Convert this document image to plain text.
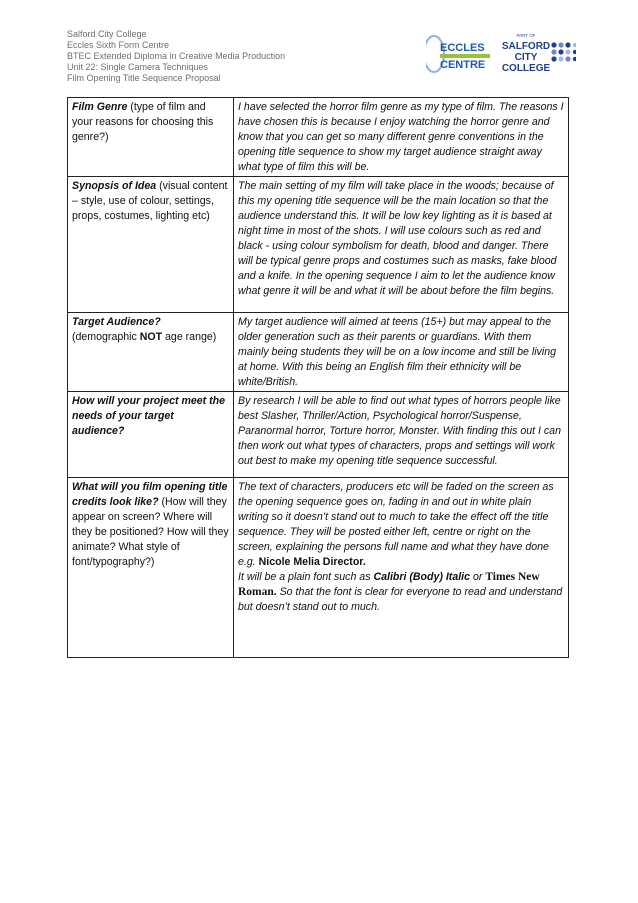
Salford City College
Eccles Sixth Form Centre
BTEC Extended Diploma in Creative Media Production
Unit 22: Single Camera Techniques
Film Opening Title Sequence Proposal
ECCLES
CENTRE
PART OF
SALFORD
CITY
COLLEGE
Film Genre (type of film and your reasons for choosing this genre?)	I have selected the horror film genre as my type of film. The reasons I have chosen this is because I enjoy watching the horror genre and know that you can get so many different genre conventions in the opening title sequence to show my target audience straight away what type of film this will be.
Synopsis of Idea (visual content – style, use of colour, settings, props, costumes, lighting etc)	The main setting of my film will take place in the woods; because of this my opening title sequence will be the main location so that the audience understand this. It will be low key lighting as it is based at night time in most of the shots. I will use colours such as red and black - using colour symbolism for death, blood and danger. There will be typical genre props and costumes such as masks, fake blood and a knife. In the opening sequence I aim to let the audience know what genre it will be and what it will be about before the film begins.
Target Audience?
(demographic NOT age range)	My target audience will aimed at teens (15+) but may appeal to the older generation such as their parents or guardians. With them mainly being students they will be on a low income and still be living at home. With this being an English film their ethnicity will be white/British.
How will your project meet the needs of your target audience?	By research I will be able to find out what types of horrors people like best Slasher, Thriller/Action, Psychological horror/Suspense, Paranormal horror, Torture horror, Monster. With finding this out I can then work out what types of characters, props and settings will work out best to make my opening title sequence successful.
What will you film opening title credits look like? (How will they appear on screen? Where will they be positioned? How will they animate? What style of font/typography?)	The text of characters, producers etc will be faded on the screen as the opening sequence goes on, fading in and out in white plain writing so it doesn’t stand out to much to take the effect off the title sequence. They will be posted either left, centre or right on the screen, explaining the persons full name and what they have done e.g. Nicole Melia Director.
It will be a plain font such as Calibri (Body) Italic or Times New Roman. So that the font is clear for everyone to read and understand but doesn’t stand out to much.
